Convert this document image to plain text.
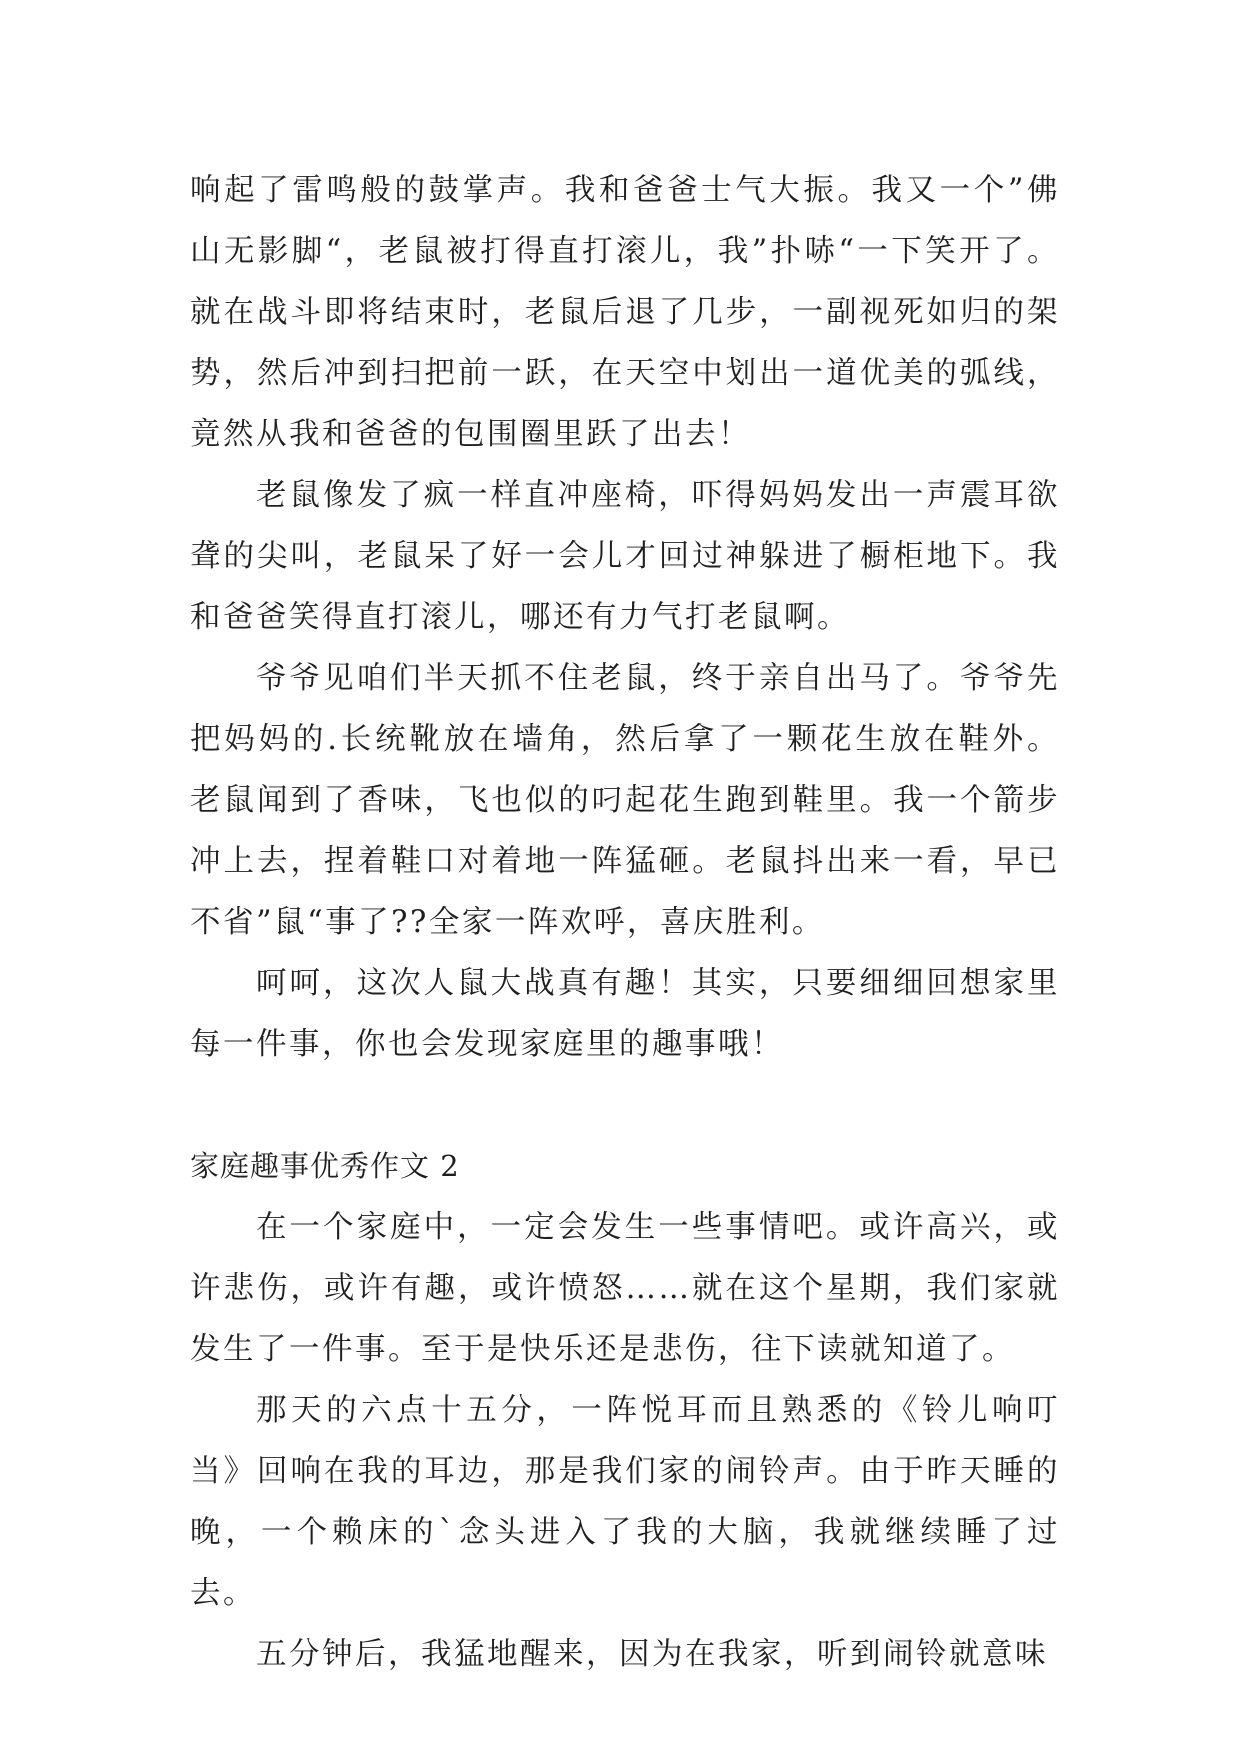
响起了雷鸣般的鼓掌声。我和爸爸士气大振。我又一个”佛山无影脚“，老鼠被打得直打滚儿，我”扑哧“一下笑开了。就在战斗即将结束时，老鼠后退了几步，一副视死如归的架势，然后冲到扫把前一跃，在天空中划出一道优美的弧线，竟然从我和爸爸的包围圈里跃了出去！

老鼠像发了疯一样直冲座椅，吓得妈妈发出一声震耳欲聋的尖叫，老鼠呆了好一会儿才回过神躲进了橱柜地下。我和爸爸笑得直打滚儿，哪还有力气打老鼠啊。

爷爷见咱们半天抓不住老鼠，终于亲自出马了。爷爷先把妈妈的.长统靴放在墙角，然后拿了一颗花生放在鞋外。老鼠闻到了香味，飞也似的叼起花生跑到鞋里。我一个箭步冲上去，捏着鞋口对着地一阵猛砸。老鼠抖出来一看，早已不省”鼠“事了??全家一阵欢呼，喜庆胜利。

呵呵，这次人鼠大战真有趣！其实，只要细细回想家里每一件事，你也会发现家庭里的趣事哦！

家庭趣事优秀作文 2

在一个家庭中，一定会发生一些事情吧。或许高兴，或许悲伤，或许有趣，或许愤怒……就在这个星期，我们家就发生了一件事。至于是快乐还是悲伤，往下读就知道了。

那天的六点十五分，一阵悦耳而且熟悉的《铃儿响叮当》回响在我的耳边，那是我们家的闹铃声。由于昨天睡的晚，一个赖床的`念头进入了我的大脑，我就继续睡了过去。

五分钟后，我猛地醒来，因为在我家，听到闹铃就意味
